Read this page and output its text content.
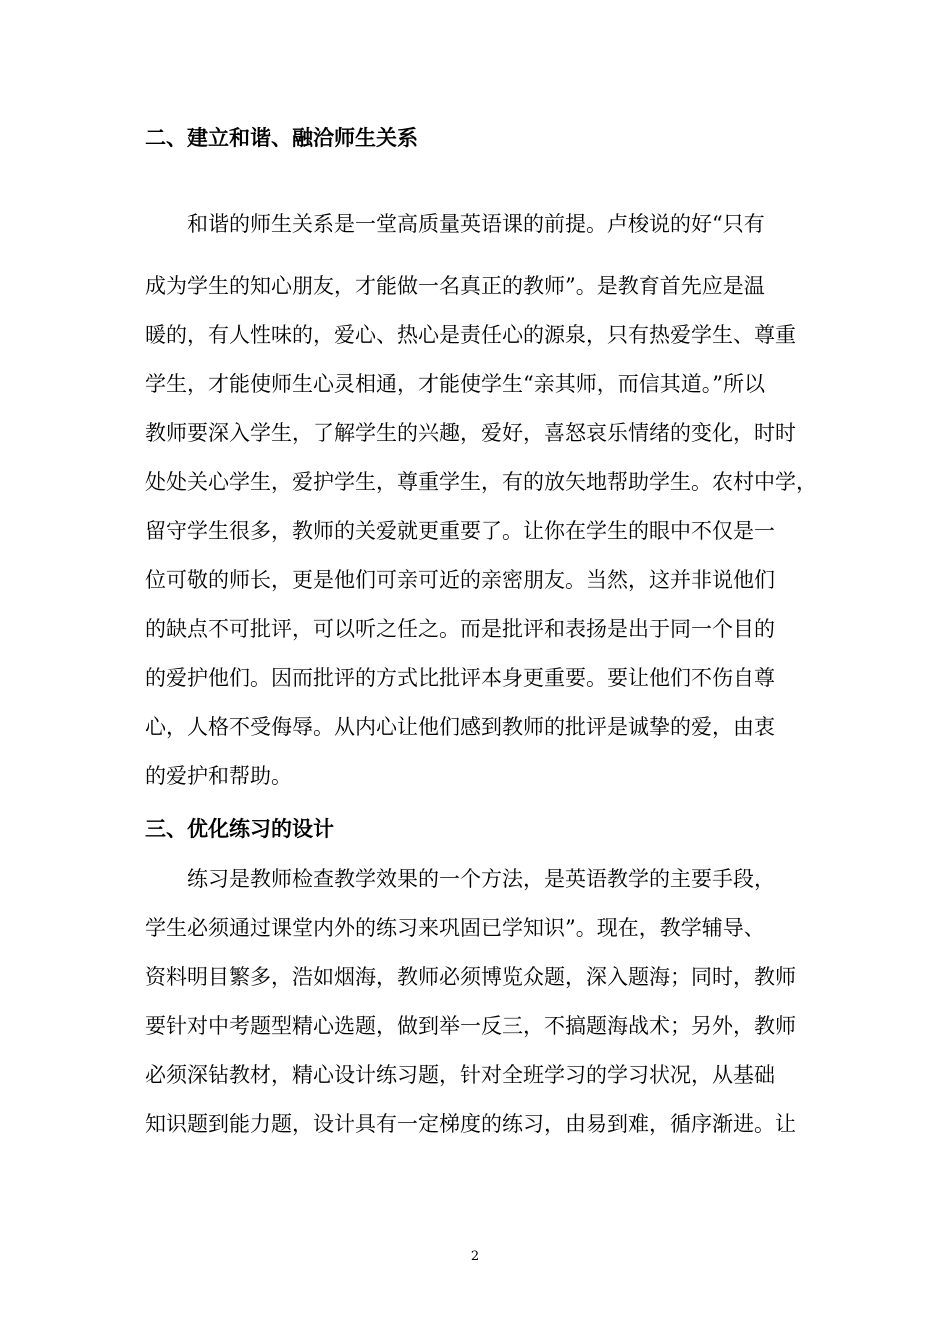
二、建立和谐、融洽师生关系

和谐的师生关系是一堂高质量英语课的前提。卢梭说的好“只有

成为学生的知心朋友，才能做一名真正的教师”。是教育首先应是温

暖的，有人性味的，爱心、热心是责任心的源泉，只有热爱学生、尊重

学生，才能使师生心灵相通，才能使学生“亲其师，而信其道。”所以

教师要深入学生，了解学生的兴趣，爱好，喜怒哀乐情绪的变化，时时

处处关心学生，爱护学生，尊重学生，有的放矢地帮助学生。农村中学，

留守学生很多，教师的关爱就更重要了。让你在学生的眼中不仅是一

位可敬的师长，更是他们可亲可近的亲密朋友。当然，这并非说他们

的缺点不可批评，可以听之任之。而是批评和表扬是出于同一个目的

的爱护他们。因而批评的方式比批评本身更重要。要让他们不伤自尊

心，人格不受侮辱。从内心让他们感到教师的批评是诚挚的爱，由衷

的爱护和帮助。

三、优化练习的设计

练习是教师检查教学效果的一个方法，是英语教学的主要手段，

学生必须通过课堂内外的练习来巩固已学知识”。现在，教学辅导、

资料明目繁多，浩如烟海，教师必须博览众题，深入题海；同时，教师

要针对中考题型精心选题，做到举一反三，不搞题海战术；另外，教师

必须深钻教材，精心设计练习题，针对全班学习的学习状况，从基础

知识题到能力题，设计具有一定梯度的练习，由易到难，循序渐进。让

2
